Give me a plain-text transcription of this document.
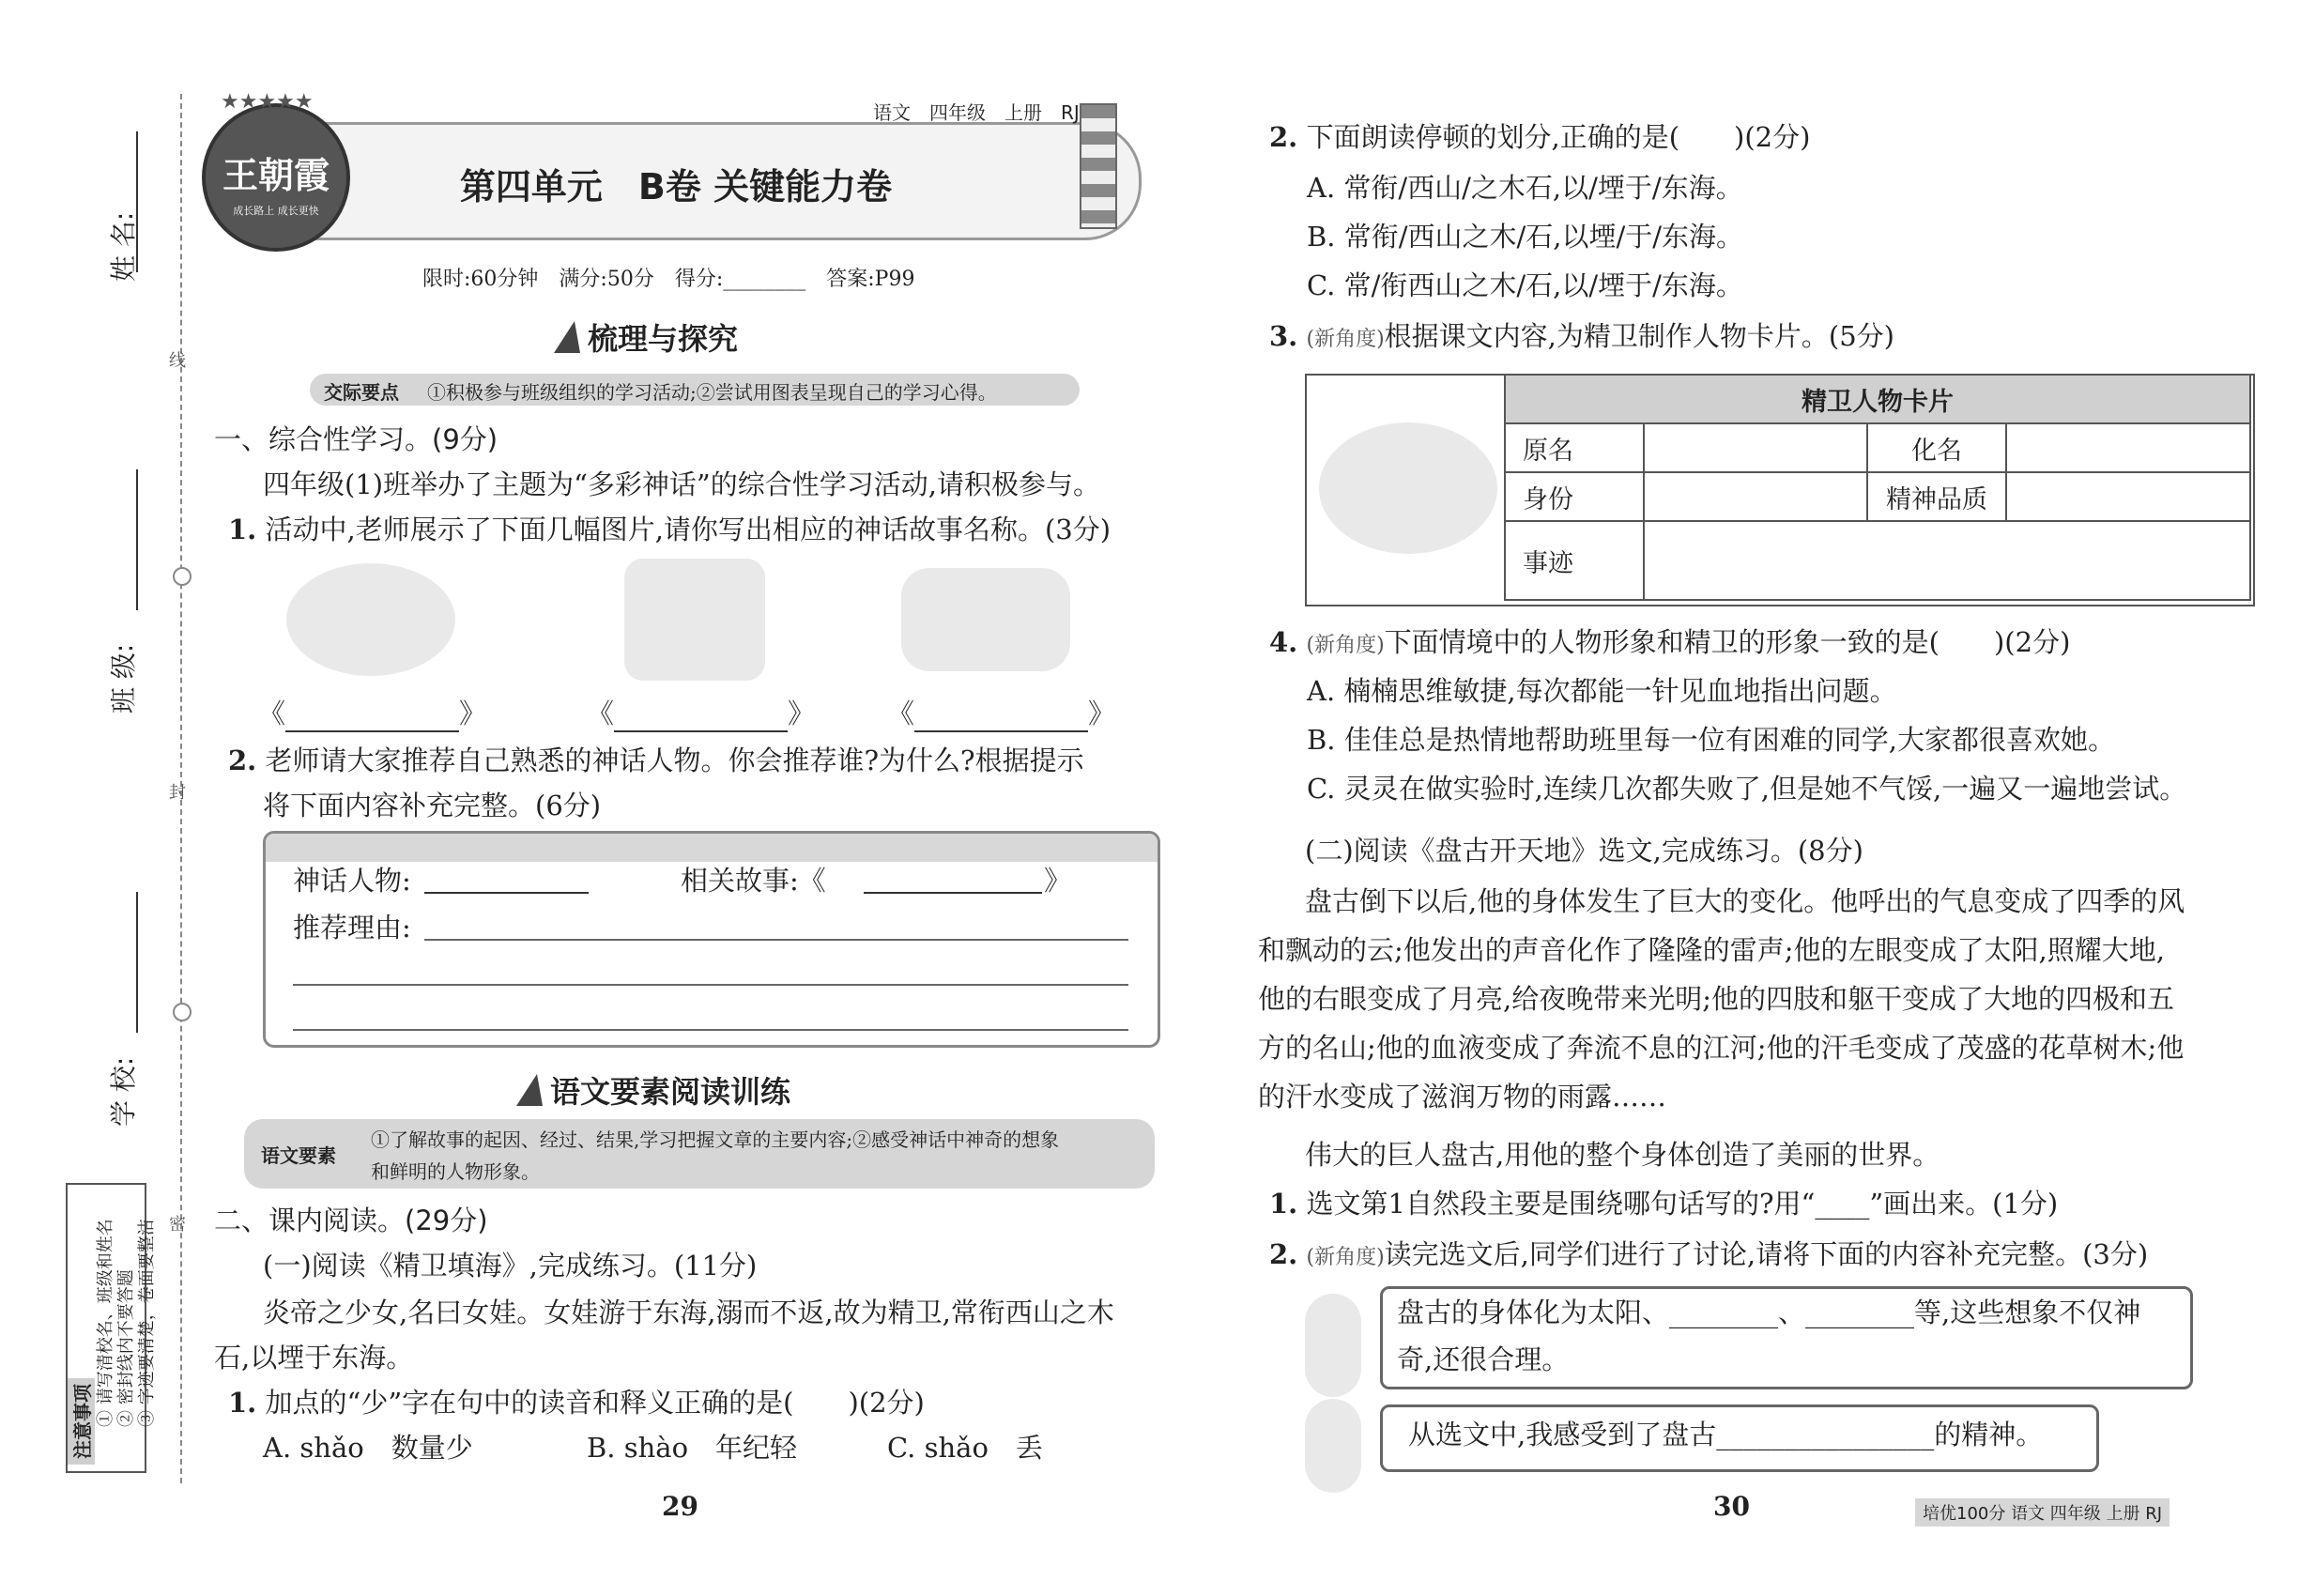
姓 名:
班 级:
学 校:
线
封
密
注意事项 ① 请写清校名、班级和姓名 ② 密封线内不要答题 ③ 字迹要清楚，卷面要整洁
王朝霞
成长路上 成长更快
★★★★★	语文　四年级　上册　RJ
第四单元　B卷 关键能力卷
限时:60分钟　满分:50分　得分:________　答案:P99
梳理与探究
交际要点 ①积极参与班级组织的学习活动;②尝试用图表呈现自己的学习心得。
一、综合性学习。(9分)
四年级(1)班举办了主题为“多彩神话”的综合性学习活动,请积极参与。
1. 活动中,老师展示了下面几幅图片,请你写出相应的神话故事名称。(3分)
《	》	《	》	《	》
2. 老师请大家推荐自己熟悉的神话人物。你会推荐谁?为什么?根据提示
将下面内容补充完整。(6分)
神话人物:	相关故事:《	》
推荐理由:
语文要素阅读训练
语文要素
①了解故事的起因、经过、结果,学习把握文章的主要内容;②感受神话中神奇的想象
和鲜明的人物形象。
二、课内阅读。(29分)
(一)阅读《精卫填海》,完成练习。(11分)
炎帝之少女,名曰女娃。女娃游于东海,溺而不返,故为精卫,常衔西山之木
石,以堙于东海。
1. 加点的“少”字在句中的读音和释义正确的是(　　)(2分)
A. shǎo　数量少	B. shào　年纪轻	C. shǎo　丢
29
2. 下面朗读停顿的划分,正确的是(　　)(2分)
A. 常衔/西山/之木石,以/堙于/东海。
B. 常衔/西山之木/石,以堙/于/东海。
C. 常/衔西山之木/石,以/堙于/东海。
3. (新角度)根据课文内容,为精卫制作人物卡片。(5分)
精卫人物卡片			
原名		化名	
身份		精神品质	
事迹			
4. (新角度)下面情境中的人物形象和精卫的形象一致的是(　　)(2分)
A. 楠楠思维敏捷,每次都能一针见血地指出问题。
B. 佳佳总是热情地帮助班里每一位有困难的同学,大家都很喜欢她。
C. 灵灵在做实验时,连续几次都失败了,但是她不气馁,一遍又一遍地尝试。
(二)阅读《盘古开天地》选文,完成练习。(8分)
盘古倒下以后,他的身体发生了巨大的变化。他呼出的气息变成了四季的风
和飘动的云;他发出的声音化作了隆隆的雷声;他的左眼变成了太阳,照耀大地,
他的右眼变成了月亮,给夜晚带来光明;他的四肢和躯干变成了大地的四极和五
方的名山;他的血液变成了奔流不息的江河;他的汗毛变成了茂盛的花草树木;他
的汗水变成了滋润万物的雨露……
伟大的巨人盘古,用他的整个身体创造了美丽的世界。
1. 选文第1自然段主要是围绕哪句话写的?用“____”画出来。(1分)
2. (新角度)读完选文后,同学们进行了讨论,请将下面的内容补充完整。(3分)
盘古的身体化为太阳、________、________等,这些想象不仅神
奇,还很合理。
从选文中,我感受到了盘古________________的精神。
30	培优100分 语文 四年级 上册 RJ
